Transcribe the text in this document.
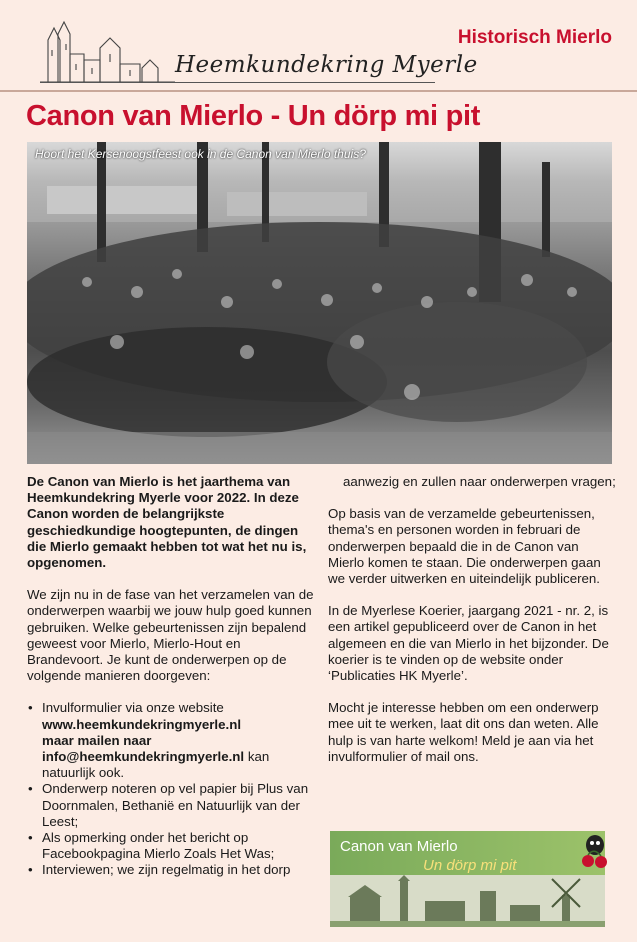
Heemkundekring Myerle
Historisch Mierlo
Canon van Mierlo - Un dörp mi pit
Hoort het Kersenoogstfeest ook in de Canon van Mierlo thuis?

De Canon van Mierlo is het jaarthema van Heemkundekring Myerle voor 2022. In deze Canon worden de belangrijkste geschiedkundige hoogtepunten, de dingen die Mierlo gemaakt hebben tot wat het nu is, opgenomen.

We zijn nu in de fase van het verzamelen van de onderwerpen waarbij we jouw hulp goed kunnen gebruiken. Welke gebeurtenissen zijn bepalend geweest voor Mierlo, Mierlo-Hout en Brandevoort. Je kunt de onderwerpen op de volgende manieren doorgeven:

• Invulformulier via onze website
www.heemkundekringmyerle.nl
maar mailen naar
info@heemkundekringmyerle.nl kan natuurlijk ook.
• Onderwerp noteren op vel papier bij Plus van Doornmalen, Bethanië en Natuurlijk van der Leest;
• Als opmerking onder het bericht op Facebookpagina Mierlo Zoals Het Was;
• Interviewen; we zijn regelmatig in het dorp

aanwezig en zullen naar onderwerpen vragen;

Op basis van de verzamelde gebeurtenissen, thema's en personen worden in februari de onderwerpen bepaald die in de Canon van Mierlo komen te staan. Die onderwerpen gaan we verder uitwerken en uiteindelijk publiceren.

In de Myerlese Koerier, jaargang 2021 - nr. 2, is een artikel gepubliceerd over de Canon in het algemeen en die van Mierlo in het bijzonder. De koerier is te vinden op de website onder ‘Publicaties HK Myerle’.

Mocht je interesse hebben om een onderwerp mee uit te werken, laat dit ons dan weten. Alle hulp is van harte welkom! Meld je aan via het invulformulier of mail ons.

Canon van Mierlo
Un dörp mi pit
